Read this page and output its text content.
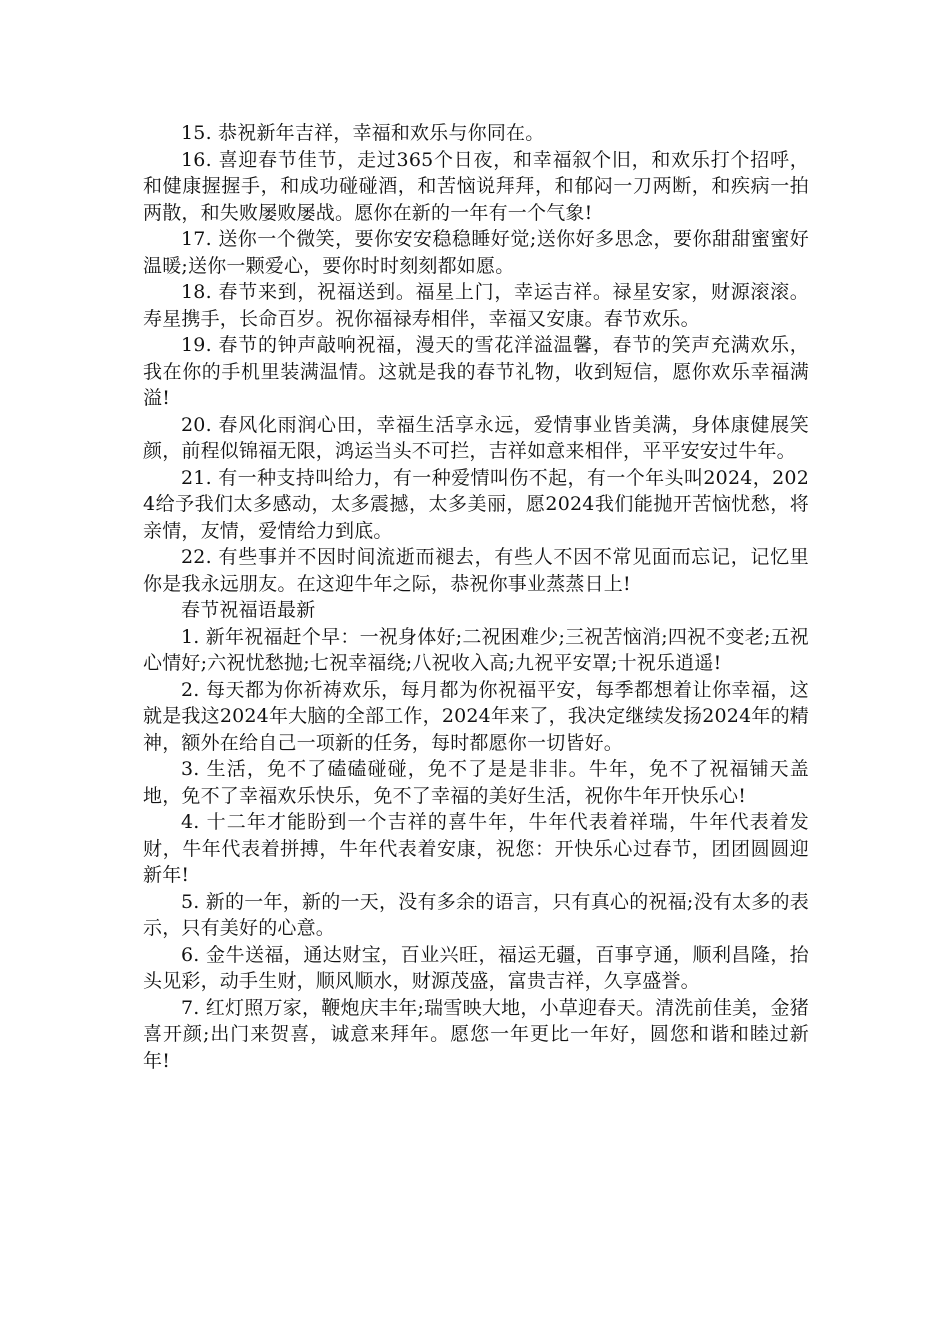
15. 恭祝新年吉祥，幸福和欢乐与你同在。

16. 喜迎春节佳节，走过365个日夜，和幸福叙个旧，和欢乐打个招呼，和健康握握手，和成功碰碰酒，和苦恼说拜拜，和郁闷一刀两断，和疾病一拍两散，和失败屡败屡战。愿你在新的一年有一个气象!

17. 送你一个微笑，要你安安稳稳睡好觉;送你好多思念，要你甜甜蜜蜜好温暖;送你一颗爱心，要你时时刻刻都如愿。

18. 春节来到，祝福送到。福星上门，幸运吉祥。禄星安家，财源滚滚。寿星携手，长命百岁。祝你福禄寿相伴，幸福又安康。春节欢乐。

19. 春节的钟声敲响祝福，漫天的雪花洋溢温馨，春节的笑声充满欢乐，我在你的手机里装满温情。这就是我的春节礼物，收到短信，愿你欢乐幸福满溢!

20. 春风化雨润心田，幸福生活享永远，爱情事业皆美满，身体康健展笑颜，前程似锦福无限，鸿运当头不可拦，吉祥如意来相伴，平平安安过牛年。

21. 有一种支持叫给力，有一种爱情叫伤不起，有一个年头叫2024，2024给予我们太多感动，太多震撼，太多美丽，愿2024我们能抛开苦恼忧愁，将亲情，友情，爱情给力到底。

22. 有些事并不因时间流逝而褪去，有些人不因不常见面而忘记，记忆里你是我永远朋友。在这迎牛年之际，恭祝你事业蒸蒸日上!

春节祝福语最新

1. 新年祝福赶个早：一祝身体好;二祝困难少;三祝苦恼消;四祝不变老;五祝心情好;六祝忧愁抛;七祝幸福绕;八祝收入高;九祝平安罩;十祝乐逍遥!

2. 每天都为你祈祷欢乐，每月都为你祝福平安，每季都想着让你幸福，这就是我这2024年大脑的全部工作，2024年来了，我决定继续发扬2024年的精神，额外在给自己一项新的任务，每时都愿你一切皆好。

3. 生活，免不了磕磕碰碰，免不了是是非非。牛年，免不了祝福铺天盖地，免不了幸福欢乐快乐，免不了幸福的美好生活，祝你牛年开快乐心!

4. 十二年才能盼到一个吉祥的喜牛年，牛年代表着祥瑞，牛年代表着发财，牛年代表着拼搏，牛年代表着安康，祝您：开快乐心过春节，团团圆圆迎新年!

5. 新的一年，新的一天，没有多余的语言，只有真心的祝福;没有太多的表示，只有美好的心意。

6. 金牛送福，通达财宝，百业兴旺，福运无疆，百事亨通，顺利昌隆，抬头见彩，动手生财，顺风顺水，财源茂盛，富贵吉祥，久享盛誉。

7. 红灯照万家，鞭炮庆丰年;瑞雪映大地，小草迎春天。清洗前佳美，金猪喜开颜;出门来贺喜，诚意来拜年。愿您一年更比一年好，圆您和谐和睦过新年!
